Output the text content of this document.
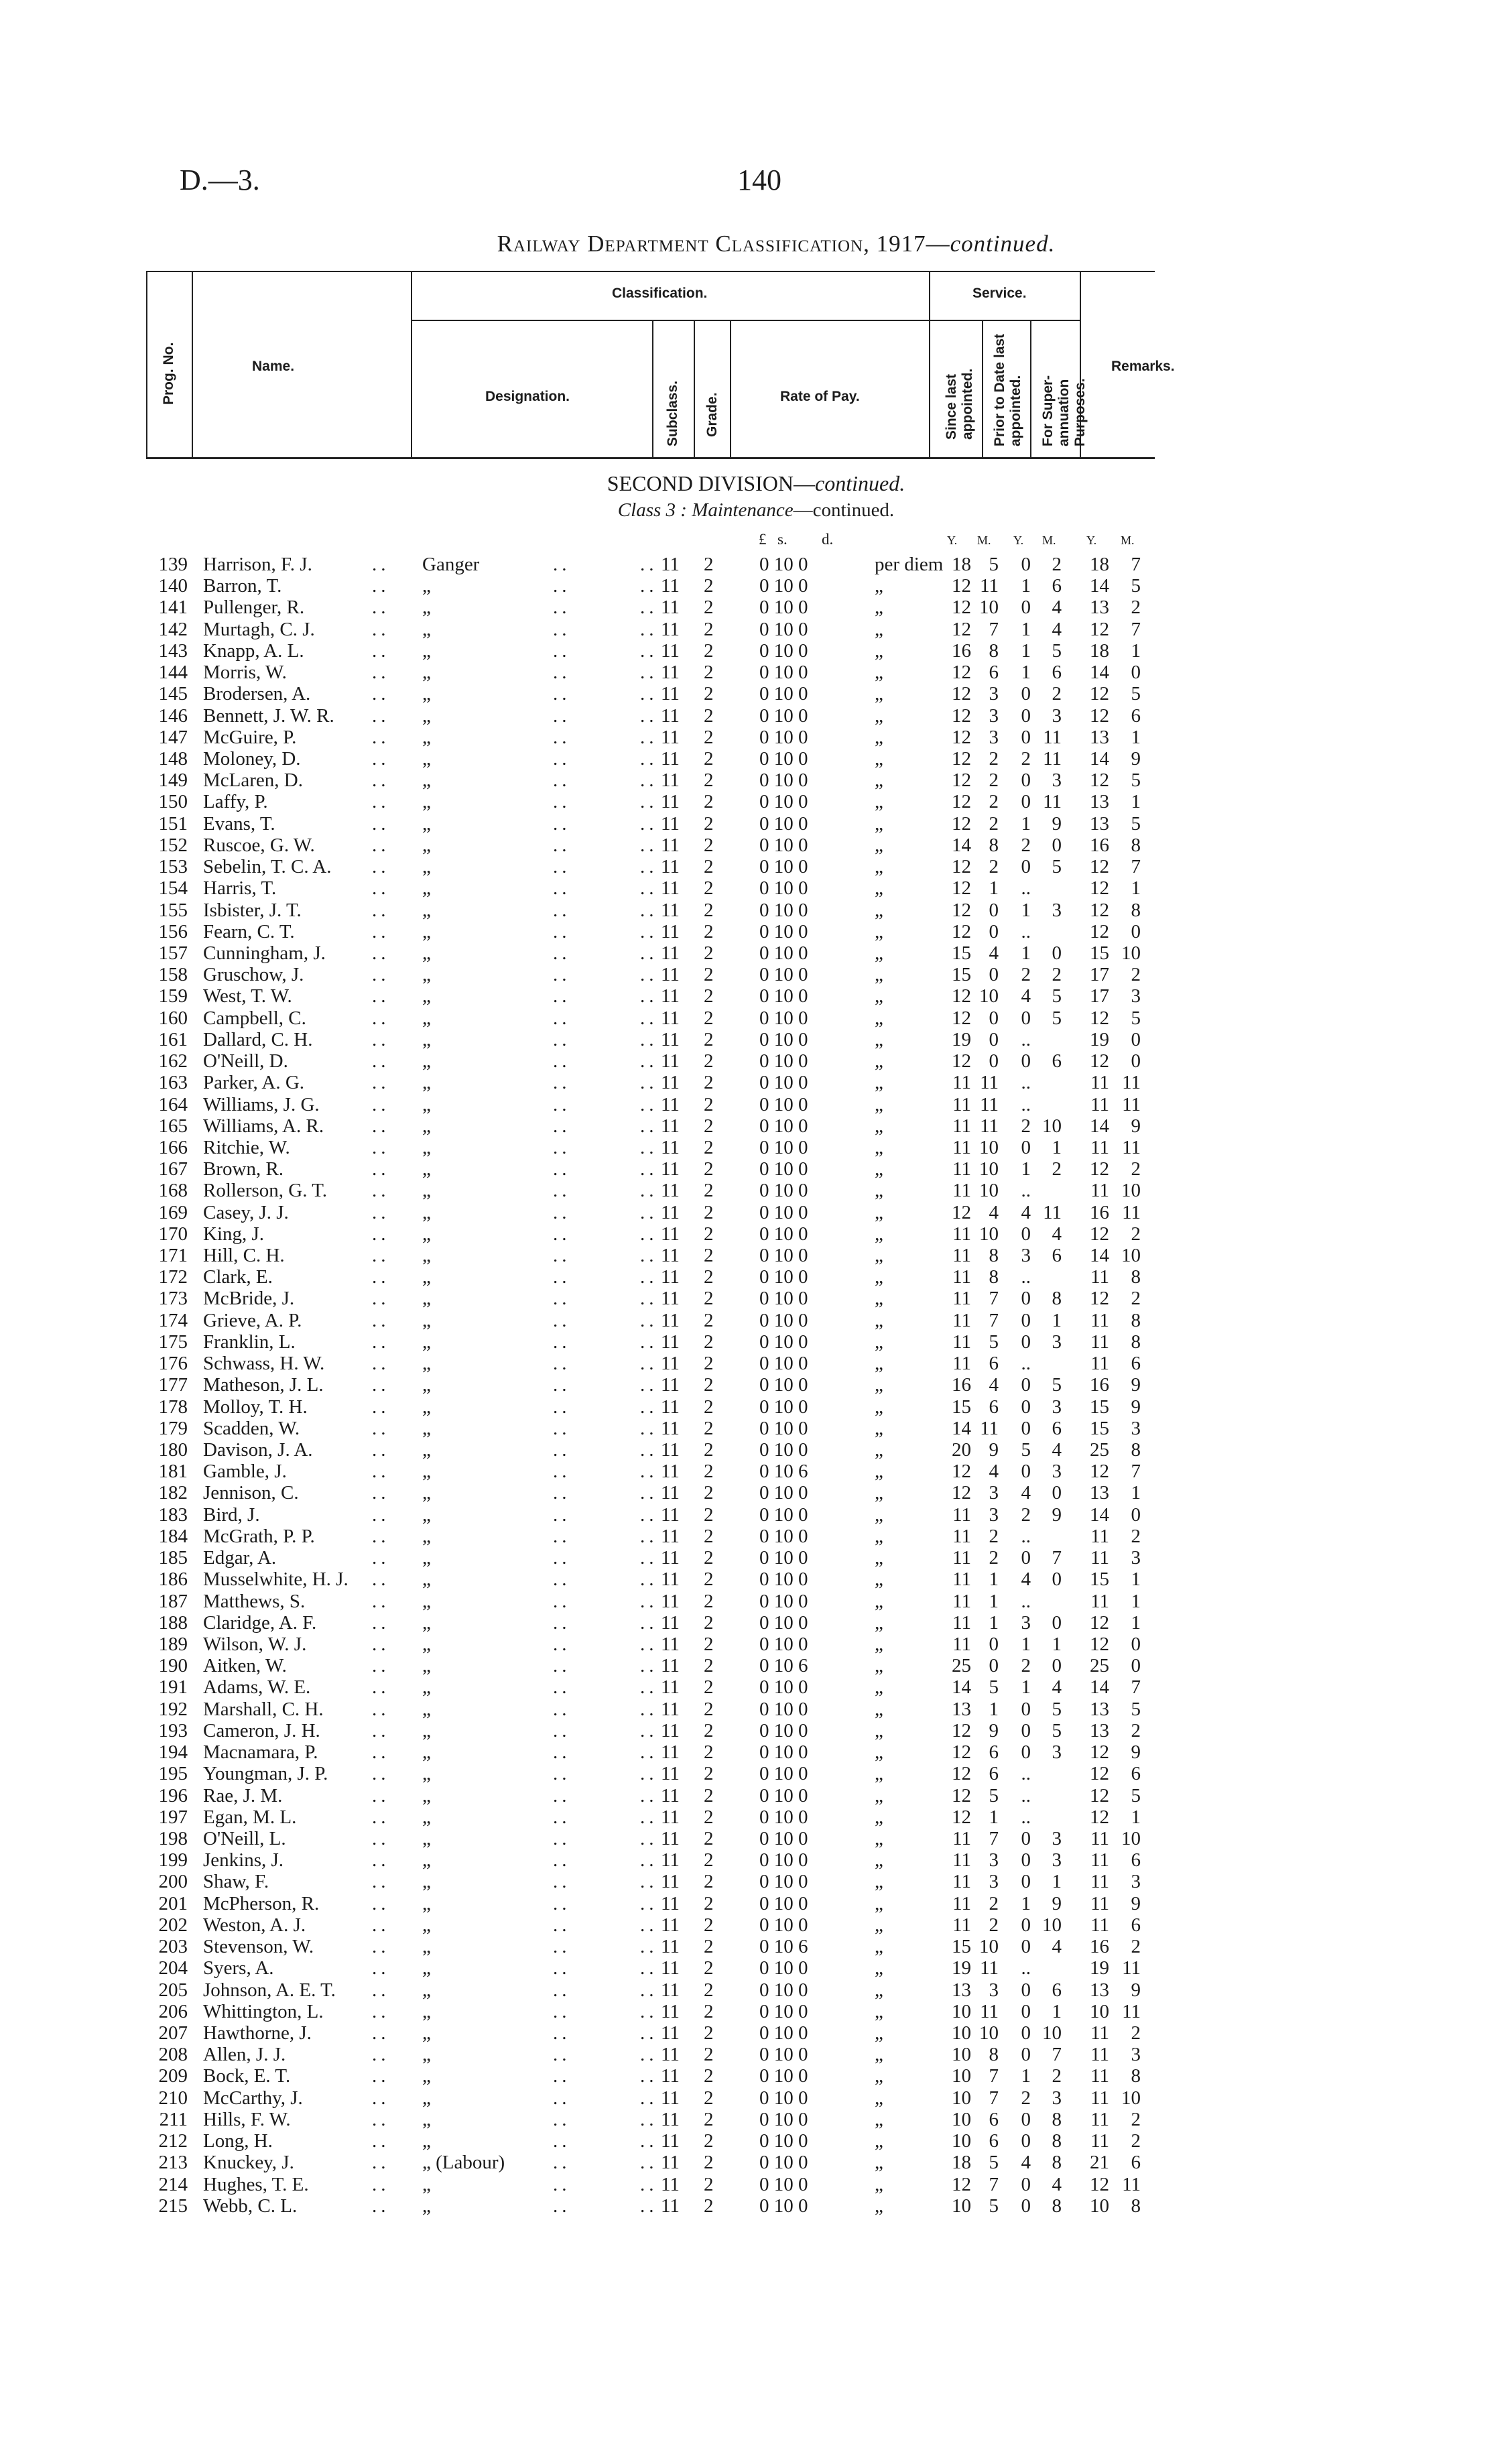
D.—3.	140
Railway Department Classification, 1917—continued.
Prog. No.	Name.
Classification.
Designation.	Subclass. Grade.	Rate of Pay.
Service.
Since last appointed. Prior to Date last appointed. For Super-annuation Purposes.
Remarks.
SECOND DIVISION—continued.
Class 3 : Maintenance—continued.
£ s. d.	Y. M. Y. M.	Y. M.
139 Harrison, F. J.	.. Ganger	..	.. 11 2 0 10 0	per diem 18 5	0	2	18	7
140 Barron, T.	.. „	..	.. 11 2 0 10 0	„	12 11	1	6	14	5
141 Pullenger, R.	.. „	..	.. 11 2 0 10 0	„	12 10	0	4	13	2
142 Murtagh, C. J.	.. „	..	.. 11 2 0 10 0	„	12 7	1	4	12	7
143 Knapp, A. L.	.. „	..	.. 11 2 0 10 0	„	16 8	1	5	18	1
144 Morris, W.	.. „	..	.. 11 2 0 10 0	„	12 6	1	6	14	0
145 Brodersen, A.	.. „	..	.. 11 2 0 10 0	„	12 3	0	2	12	5
146 Bennett, J. W. R. .. „	..	.. 11 2 0 10 0	„	12 3	0	3	12	6
147 McGuire, P.	.. „	..	.. 11 2 0 10 0	„	12 3	0 11	13	1
148 Moloney, D.	.. „	..	.. 11 2 0 10 0	„	12 2	2 11	14	9
149 McLaren, D.	.. „	..	.. 11 2 0 10 0	„	12 2	0	3	12	5
150 Laffy, P.	.. „	..	.. 11 2 0 10 0	„	12 2	0 11	13	1
151 Evans, T.	.. „	..	.. 11 2 0 10 0	„	12 2	1	9	13	5
152 Ruscoe, G. W.	.. „	..	.. 11 2 0 10 0	„	14 8	2	0	16	8
153 Sebelin, T. C. A. .. „	..	.. 11 2 0 10 0	„	12 2	0	5	12	7
154 Harris, T.	.. „	..	.. 11 2 0 10 0	„	12 1	..	12	1
155 Isbister, J. T.	.. „	..	.. 11 2 0 10 0	„	12 0	1	3	12	8
156 Fearn, C. T.	.. „	..	.. 11 2 0 10 0	„	12 0	..	12	0
157 Cunningham, J. .. „	..	.. 11 2 0 10 0	„	15 4	1	0	15 10
158 Gruschow, J.	.. „	..	.. 11 2 0 10 0	„	15 0	2	2	17	2
159 West, T. W.	.. „	..	.. 11 2 0 10 0	„	12 10	4	5	17	3
160 Campbell, C.	.. „	..	.. 11 2 0 10 0	„	12 0	0	5	12	5
161 Dallard, C. H.	.. „	..	.. 11 2 0 10 0	„	19 0	..	19	0
162 O'Neill, D.	.. „	..	.. 11 2 0 10 0	„	12 0	0	6	12	0
163 Parker, A. G.	.. „	..	.. 11 2 0 10 0	„	11 11	..	11 11
164 Williams, J. G.	.. „	..	.. 11 2 0 10 0	„	11 11	..	11 11
165 Williams, A. R. .. „	..	.. 11 2 0 10 0	„	11 11	2 10	14	9
166 Ritchie, W.	.. „	..	.. 11 2 0 10 0	„	11 10	0	1	11 11
167 Brown, R.	.. „	..	.. 11 2 0 10 0	„	11 10	1	2	12	2
168 Rollerson, G. T. .. „	..	.. 11 2 0 10 0	„	11 10	..	11 10
169 Casey, J. J.	.. „	..	.. 11 2 0 10 0	„	12 4	4 11	16 11
170 King, J.	.. „	..	.. 11 2 0 10 0	„	11 10	0	4	12	2
171 Hill, C. H.	.. „	..	.. 11 2 0 10 0	„	11 8	3	6	14 10
172 Clark, E.	.. „	..	.. 11 2 0 10 0	„	11 8	..	11	8
173 McBride, J.	.. „	..	.. 11 2 0 10 0	„	11 7	0	8	12	2
174 Grieve, A. P.	.. „	..	.. 11 2 0 10 0	„	11 7	0	1	11	8
175 Franklin, L.	.. „	..	.. 11 2 0 10 0	„	11 5	0	3	11	8
176 Schwass, H. W. .. „	..	.. 11 2 0 10 0	„	11 6	..	11	6
177 Matheson, J. L. .. „	..	.. 11 2 0 10 0	„	16 4	0	5	16	9
178 Molloy, T. H.	.. „	..	.. 11 2 0 10 0	„	15 6	0	3	15	9
179 Scadden, W.	.. „	..	.. 11 2 0 10 0	„	14 11	0	6	15	3
180 Davison, J. A.	.. „	..	.. 11 2 0 10 0	„	20 9	5	4	25	8
181 Gamble, J.	.. „	..	.. 11 2 0 10 6	„	12 4	0	3	12	7
182 Jennison, C.	.. „	..	.. 11 2 0 10 0	„	12 3	4	0	13	1
183 Bird, J.	.. „	..	.. 11 2 0 10 0	„	11 3	2	9	14	0
184 McGrath, P. P.	.. „	..	.. 11 2 0 10 0	„	11 2	..	11	2
185 Edgar, A.	.. „	..	.. 11 2 0 10 0	„	11 2	0	7	11	3
186 Musselwhite, H. J. .. „	..	.. 11 2 0 10 0	„	11 1	4	0	15	1
187 Matthews, S.	.. „	..	.. 11 2 0 10 0	„	11 1	..	11	1
188 Claridge, A. F.	.. „	..	.. 11 2 0 10 0	„	11 1	3	0	12	1
189 Wilson, W. J.	.. „	..	.. 11 2 0 10 0	„	11 0	1	1	12	0
190 Aitken, W.	.. „	..	.. 11 2 0 10 6	„	25 0	2	0	25	0
191 Adams, W. E.	.. „	..	.. 11 2 0 10 0	„	14 5	1	4	14	7
192 Marshall, C. H. .. „	..	.. 11 2 0 10 0	„	13 1	0	5	13	5
193 Cameron, J. H.	.. „	..	.. 11 2 0 10 0	„	12 9	0	5	13	2
194 Macnamara, P.	.. „	..	.. 11 2 0 10 0	„	12 6	0	3	12	9
195 Youngman, J. P. .. „	..	.. 11 2 0 10 0	„	12 6	..	12	6
196 Rae, J. M.	.. „	..	.. 11 2 0 10 0	„	12 5	..	12	5
197 Egan, M. L.	.. „	..	.. 11 2 0 10 0	„	12 1	..	12	1
198 O'Neill, L.	.. „	..	.. 11 2 0 10 0	„	11 7	0	3	11 10
199 Jenkins, J.	.. „	..	.. 11 2 0 10 0	„	11 3	0	3	11	6
200 Shaw, F.	.. „	..	.. 11 2 0 10 0	„	11 3	0	1	11	3
201 McPherson, R.	.. „	..	.. 11 2 0 10 0	„	11 2	1	9	11	9
202 Weston, A. J.	.. „	..	.. 11 2 0 10 0	„	11 2	0 10	11	6
203 Stevenson, W.	.. „	..	.. 11 2 0 10 6	„	15 10	0	4	16	2
204 Syers, A.	.. „	..	.. 11 2 0 10 0	„	19 11	..	19 11
205 Johnson, A. E. T. .. „	..	.. 11 2 0 10 0	„	13 3	0	6	13	9
206 Whittington, L. .. „	..	.. 11 2 0 10 0	„	10 11	0	1	10 11
207 Hawthorne, J.	.. „	..	.. 11 2 0 10 0	„	10 10	0 10	11	2
208 Allen, J. J.	.. „	..	.. 11 2 0 10 0	„	10 8	0	7	11	3
209 Bock, E. T.	.. „	..	.. 11 2 0 10 0	„	10 7	1	2	11	8
210 McCarthy, J.	.. „	..	.. 11 2 0 10 0	„	10 7	2	3	11 10
211 Hills, F. W.	.. „	..	.. 11 2 0 10 0	„	10 6	0	8	11	2
212 Long, H.	.. „	..	.. 11 2 0 10 0	„	10 6	0	8	11	2
213 Knuckey, J.	.. „ (Labour) ..	.. 11 2 0 10 0	„	18 5	4	8	21	6
214 Hughes, T. E.	.. „	..	.. 11 2 0 10 0	„	12 7	0	4	12 11
215 Webb, C. L.	.. „	..	.. 11 2 0 10 0	„	10 5	0	8	10	8
